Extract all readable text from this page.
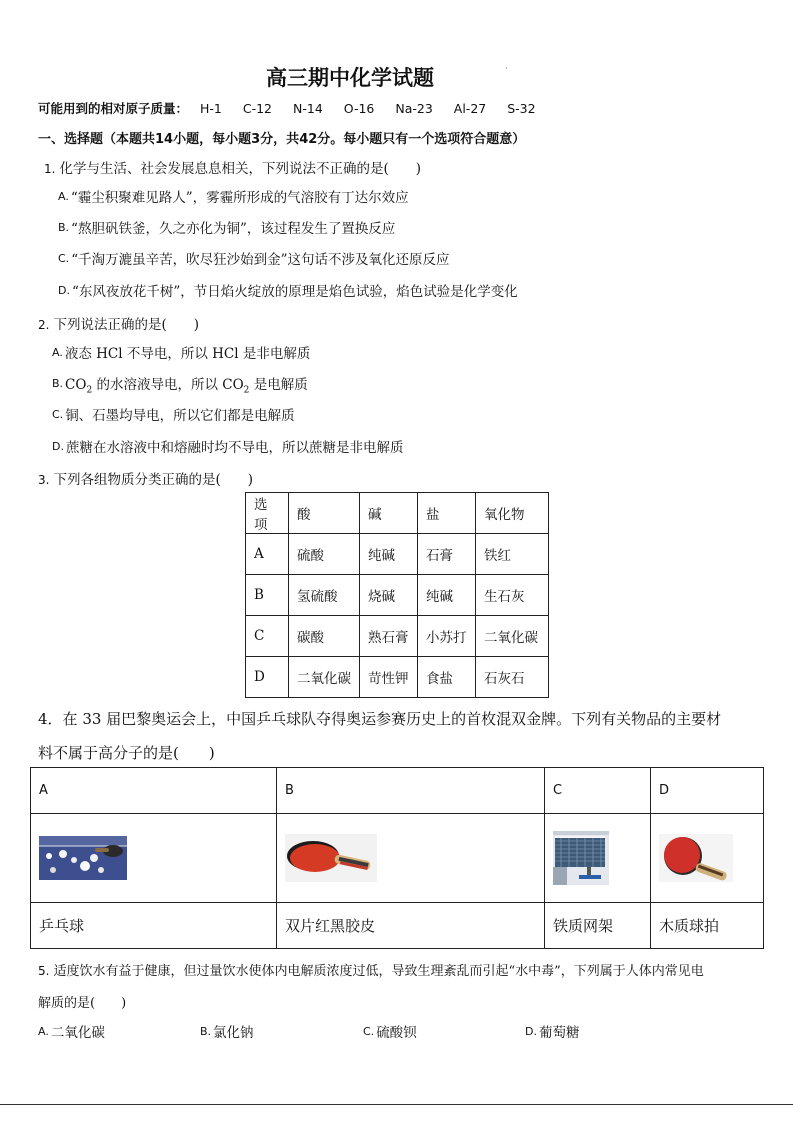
高三期中化学试题	·
可能用到的相对原子质量： H-1 C-12 N-14 O-16 Na-23 Al-27 S-32
一、选择题（本题共14小题，每小题3分，共42分。每小题只有一个选项符合题意）
1. 化学与生活、社会发展息息相关，下列说法不正确的是(　　)
A. “霾尘积聚难见路人”，雾霾所形成的气溶胶有丁达尔效应
B. “熬胆矾铁釜，久之亦化为铜”，该过程发生了置换反应
C. “千淘万漉虽辛苦，吹尽狂沙始到金”这句话不涉及氧化还原反应
D. “东风夜放花千树”，节日焰火绽放的原理是焰色试验，焰色试验是化学变化
2. 下列说法正确的是(　　)
A. 液态 HCl 不导电，所以 HCl 是非电解质
B. $CO_2$ 的水溶液导电，所以 $CO_2$ 是电解质
C. 铜、石墨均导电，所以它们都是电解质
D. 蔗糖在水溶液中和熔融时均不导电，所以蔗糖是非电解质
3. 下列各组物质分类正确的是(　　)
选项	酸	碱	盐	氧化物
A	硫酸	纯碱	石膏	铁红
B	氢硫酸	烧碱	纯碱	生石灰
C	碳酸	熟石膏	小苏打	二氧化碳
D	二氧化碳	苛性钾	食盐	石灰石
4．在 33 届巴黎奥运会上，中国乒乓球队夺得奥运参赛历史上的首枚混双金牌。下列有关物品的主要材
料不属于高分子的是(　　)
A	B	C	D

乒乓球	双片红黑胶皮	铁质网架	木质球拍
5. 适度饮水有益于健康，但过量饮水使体内电解质浓度过低，导致生理紊乱而引起“水中毒”，下列属于人体内常见电
解质的是(　　)
A. 二氧化碳	B. 氯化钠	C. 硫酸钡	D. 葡萄糖
